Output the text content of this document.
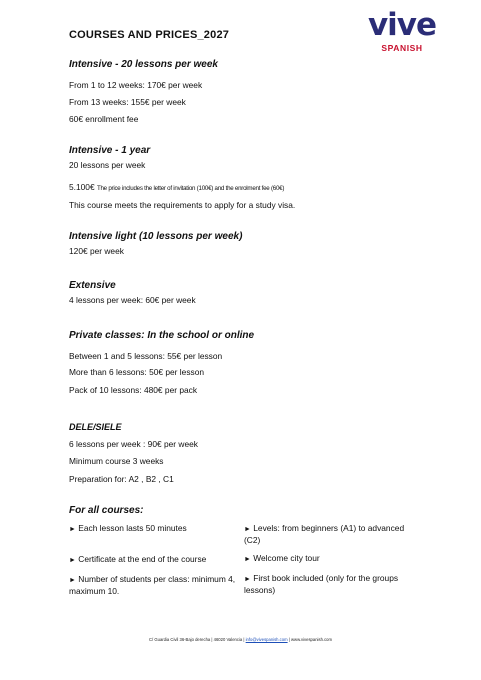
COURSES AND PRICES_2027	vive
SPANISH
Intensive - 20 lessons per week
From 1 to 12 weeks: 170€ per week
From 13 weeks: 155€ per week
60€ enrollment fee
Intensive - 1 year
20 lessons per week
5.100€ The price includes the letter of invitation (100€) and the enrolment fee (60€)
This course meets the requirements to apply for a study visa.
Intensive light (10 lessons per week)
120€ per week
Extensive
4 lessons per week: 60€ per week
Private classes: In the school or online
Between 1 and 5 lessons: 55€ per lesson
More than 6 lessons: 50€ per lesson
Pack of 10 lessons: 480€ per pack
DELE/SIELE
6 lessons per week : 90€ per week
Minimum course 3 weeks
Preparation for: A2 , B2 , C1
For all courses:
► Each lesson lasts 50 minutes	► Levels: from beginners (A1) to advanced (C2)
► Certificate at the end of the course	► Welcome city tour
► Number of students per class: minimum 4, maximum 10.
► First book included (only for the groups lessons)
C/ Guardia Civil 36-Bajo derecha | 46020 Valencia | info@vivespanish.com | www.vivespanish.com
